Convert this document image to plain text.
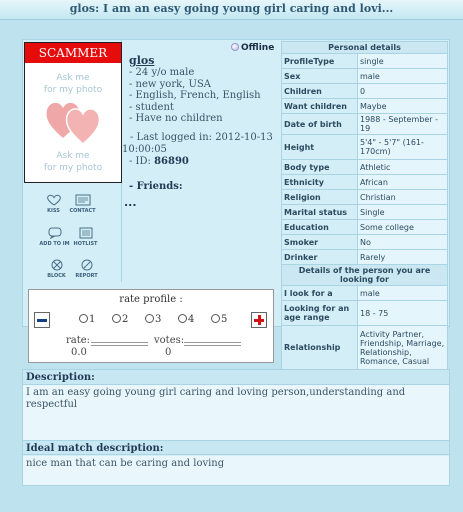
glos: I am an easy going young girl caring and lovi...
SCAMMER
Ask me
for my photo
Ask me
for my photo
KISS	CONTACT
ADD TO IM HOTLIST
BLOCK	REPORT
glos
Offline
- 24 y/o male
- new york, USA
- English, French, English
- student
- Have no children
- Last logged in: 2012-10-13
10:00:05
- ID: 86890
- Friends:
...
rate profile :
1	2	3	4	5
rate:
0.0
votes:
0
Personal details	
ProfileType	single
Sex	male
Children	0
Want children	Maybe
Date of birth	1988 - September - 19
Height	5'4" - 5'7" (161-170cm)
Body type	Athletic
Ethnicity	African
Religion	Christian
Marital status	Single
Education	Some college
Smoker	No
Drinker	Rarely
Details of the person you are looking for	
I look for a	male
Looking for an age range	18 - 75
Relationship	Activity Partner, Friendship, Marriage, Relationship, Romance, Casual
Description:
I am an easy going young girl caring and loving person,understanding and respectful
Ideal match description:
nice man that can be caring and loving
